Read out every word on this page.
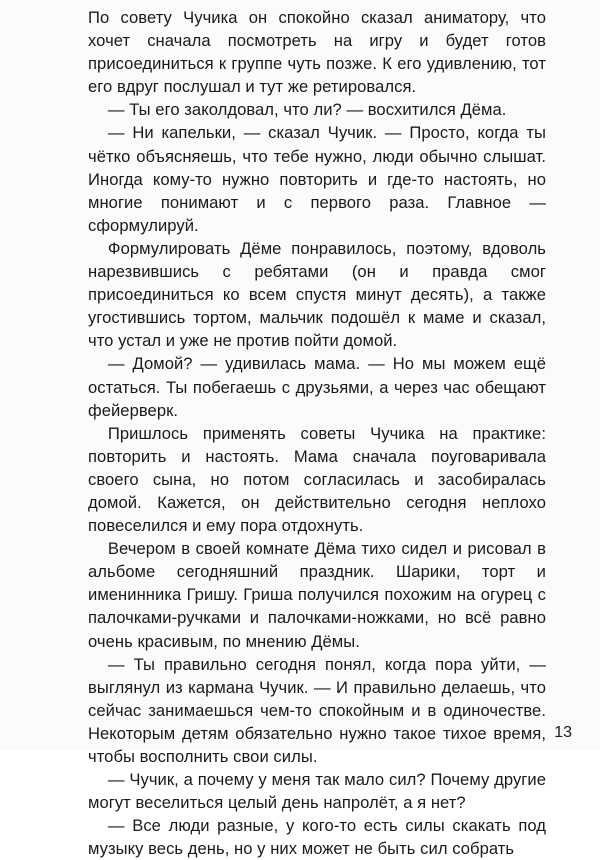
По совету Чучика он спокойно сказал аниматору, что хочет сначала посмотреть на игру и будет готов присоединиться к группе чуть позже. К его удивлению, тот его вдруг послушал и тут же ретировался.

— Ты его заколдовал, что ли? — восхитился Дёма.

— Ни капельки, — сказал Чучик. — Просто, когда ты чётко объясняешь, что тебе нужно, люди обычно слышат. Иногда кому-то нужно повторить и где-то настоять, но многие понимают и с первого раза. Главное — сформулируй.

Формулировать Дёме понравилось, поэтому, вдоволь нарезвившись с ребятами (он и правда смог присоединиться ко всем спустя минут десять), а также угостившись тортом, мальчик подошёл к маме и сказал, что устал и уже не против пойти домой.

— Домой? — удивилась мама. — Но мы можем ещё остаться. Ты побегаешь с друзьями, а через час обещают фейерверк.

Пришлось применять советы Чучика на практике: повторить и настоять. Мама сначала поуговаривала своего сына, но потом согласилась и засобиралась домой. Кажется, он действительно сегодня неплохо повеселился и ему пора отдохнуть.

Вечером в своей комнате Дёма тихо сидел и рисовал в альбоме сегодняшний праздник. Шарики, торт и именинника Гришу. Гриша получился похожим на огурец с палочками-ручками и палочками-ножками, но всё равно очень красивым, по мнению Дёмы.

— Ты правильно сегодня понял, когда пора уйти, — выглянул из кармана Чучик. — И правильно делаешь, что сейчас занимаешься чем-то спокойным и в одиночестве. Некоторым детям обязательно нужно такое тихое время, чтобы восполнить свои силы.

— Чучик, а почему у меня так мало сил? Почему другие могут веселиться целый день напролёт, а я нет?

— Все люди разные, у кого-то есть силы скакать под музыку весь день, но у них может не быть сил собрать

13
